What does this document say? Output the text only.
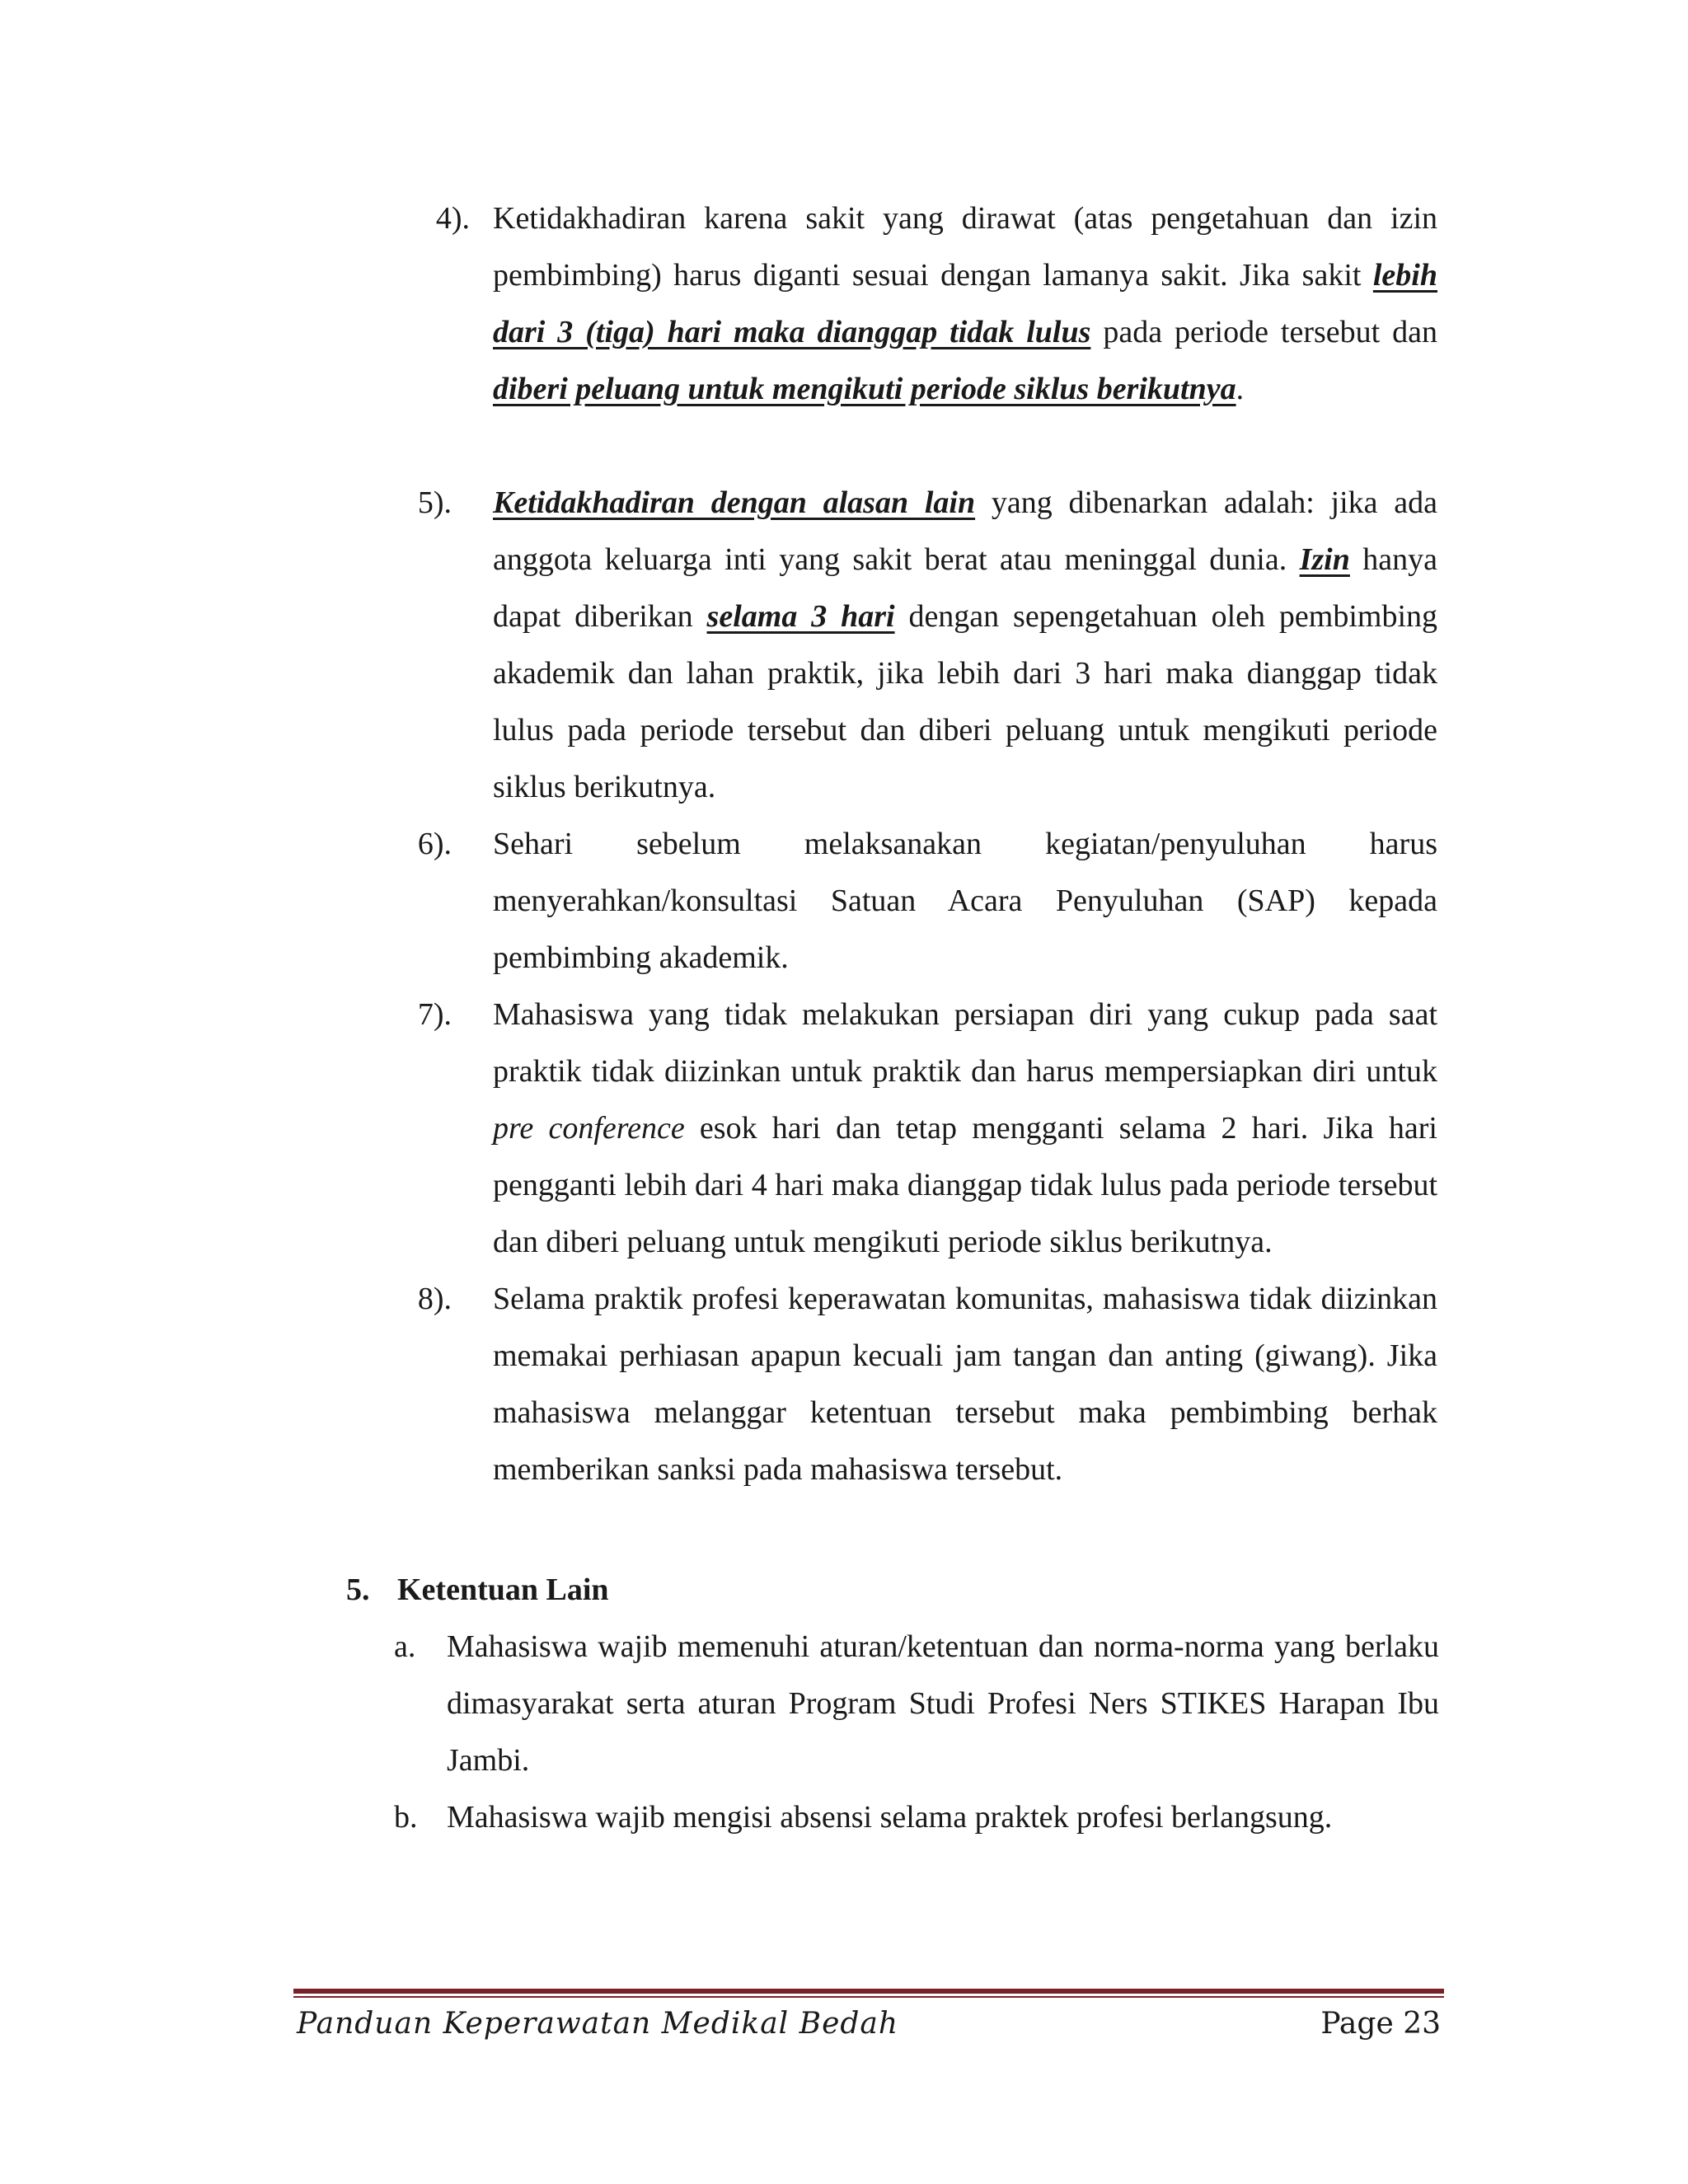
4). Ketidakhadiran karena sakit yang dirawat (atas pengetahuan dan izin pembimbing) harus diganti sesuai dengan lamanya sakit. Jika sakit lebih dari 3 (tiga) hari maka dianggap tidak lulus pada periode tersebut dan diberi peluang untuk mengikuti periode siklus berikutnya.

5). Ketidakhadiran dengan alasan lain yang dibenarkan adalah: jika ada anggota keluarga inti yang sakit berat atau meninggal dunia. Izin hanya dapat diberikan selama 3 hari dengan sepengetahuan oleh pembimbing akademik dan lahan praktik, jika lebih dari 3 hari maka dianggap tidak lulus pada periode tersebut dan diberi peluang untuk mengikuti periode siklus berikutnya.

6). Sehari sebelum melaksanakan kegiatan/penyuluhan harus menyerahkan/konsultasi Satuan Acara Penyuluhan (SAP) kepada pembimbing akademik.

7). Mahasiswa yang tidak melakukan persiapan diri yang cukup pada saat praktik tidak diizinkan untuk praktik dan harus mempersiapkan diri untuk pre conference esok hari dan tetap mengganti selama 2 hari. Jika hari pengganti lebih dari 4 hari maka dianggap tidak lulus pada periode tersebut dan diberi peluang untuk mengikuti periode siklus berikutnya.

8). Selama praktik profesi keperawatan komunitas, mahasiswa tidak diizinkan memakai perhiasan apapun kecuali jam tangan dan anting (giwang). Jika mahasiswa melanggar ketentuan tersebut maka pembimbing berhak memberikan sanksi pada mahasiswa tersebut.

5. Ketentuan Lain
a. Mahasiswa wajib memenuhi aturan/ketentuan dan norma-norma yang berlaku dimasyarakat serta aturan Program Studi Profesi Ners STIKES Harapan Ibu Jambi.

b. Mahasiswa wajib mengisi absensi selama praktek profesi berlangsung.

Panduan Keperawatan Medikal Bedah	Page 23
